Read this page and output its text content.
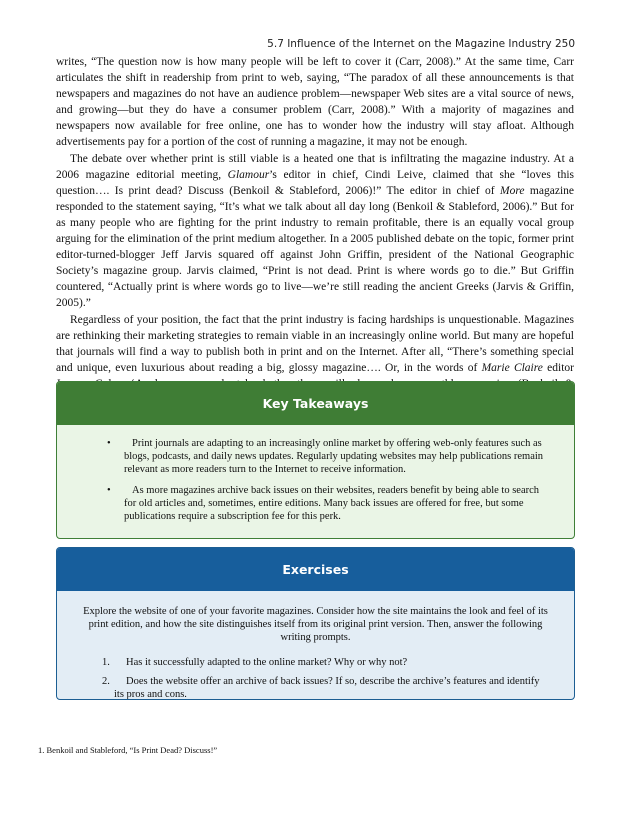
5.7 Influence of the Internet on the Magazine Industry 250

writes, “The question now is how many people will be left to cover it (Carr, 2008).” At the same time, Carr articulates the shift in readership from print to web, saying, “The paradox of all these announcements is that newspapers and magazines do not have an audience problem—newspaper Web sites are a vital source of news, and growing—but they do have a consumer problem (Carr, 2008).” With a majority of magazines and newspapers now available for free online, one has to wonder how the industry will stay afloat. Although advertisements pay for a portion of the cost of running a magazine, it may not be enough.

The debate over whether print is still viable is a heated one that is infiltrating the magazine industry. At a 2006 magazine editorial meeting, Glamour’s editor in chief, Cindi Leive, claimed that she “loves this question…. Is print dead? Discuss (Benkoil & Stableford, 2006)!” The editor in chief of More magazine responded to the statement saying, “It’s what we talk about all day long (Benkoil & Stableford, 2006).” But for as many people who are fighting for the print industry to remain profitable, there is an equally vocal group arguing for the elimination of the print medium altogether. In a 2005 published debate on the topic, former print editor-turned-blogger Jeff Jarvis squared off against John Griffin, president of the National Geographic Society’s magazine group. Jarvis claimed, “Print is not dead. Print is where words go to die.” But Griffin countered, “Actually print is where words go to live—we’re still reading the ancient Greeks (Jarvis & Griffin, 2005).”

Regardless of your position, the fact that the print industry is facing hardships is unquestionable. Magazines are rethinking their marketing strategies to remain viable in an increasingly online world. But many are hopeful that journals will find a way to publish both in print and on the Internet. After all, “There’s something special and unique, even luxurious about reading a big, glossy magazine…. Or, in the words of Marie Claire editor

Key Takeaways
• Print journals are adapting to an increasingly online market by offering web-only features such as blogs, podcasts, and daily news updates. Regularly updating websites may help publications remain relevant as more readers turn to the Internet to receive information.
• As more magazines archive back issues on their websites, readers benefit by being able to search for old articles and, sometimes, entire editions. Many back issues are offered for free, but some publications require a subscription fee for this perk.
Exercises
Explore the website of one of your favorite magazines. Consider how the site maintains the look and feel of its print edition, and how the site distinguishes itself from its original print version. Then, answer the following writing prompts.
1. Has it successfully adapted to the online market? Why or why not?
2. Does the website offer an archive of back issues? If so, describe the archive’s features and identify its pros and cons.
1. Benkoil and Stableford, “Is Print Dead? Discuss!”
